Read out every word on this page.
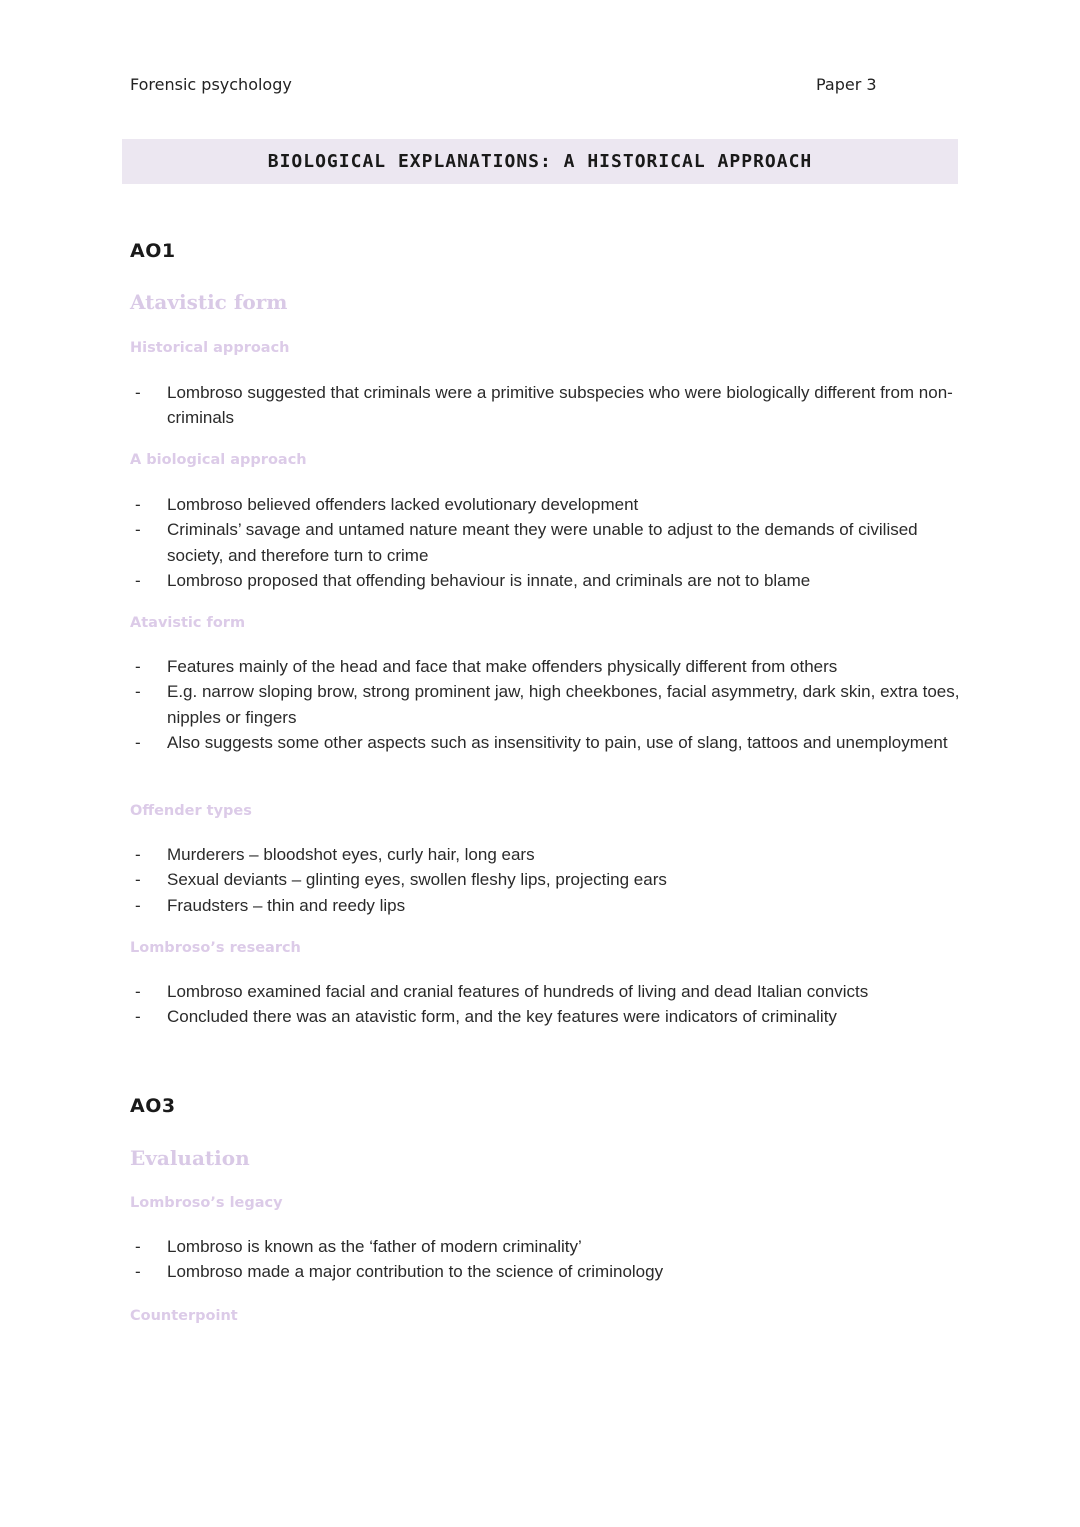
Forensic psychology	Paper 3
BIOLOGICAL EXPLANATIONS: A HISTORICAL APPROACH
AO1
Atavistic form
Historical approach
- Lombroso suggested that criminals were a primitive subspecies who were biologically different from non-criminals
A biological approach
- Lombroso believed offenders lacked evolutionary development
- Criminals’ savage and untamed nature meant they were unable to adjust to the demands of civilised society, and therefore turn to crime
- Lombroso proposed that offending behaviour is innate, and criminals are not to blame
Atavistic form
- Features mainly of the head and face that make offenders physically different from others
- E.g. narrow sloping brow, strong prominent jaw, high cheekbones, facial asymmetry, dark skin, extra toes, nipples or fingers
- Also suggests some other aspects such as insensitivity to pain, use of slang, tattoos and unemployment
Offender types
- Murderers – bloodshot eyes, curly hair, long ears
- Sexual deviants – glinting eyes, swollen fleshy lips, projecting ears
- Fraudsters – thin and reedy lips
Lombroso’s research
- Lombroso examined facial and cranial features of hundreds of living and dead Italian convicts
- Concluded there was an atavistic form, and the key features were indicators of criminality
AO3
Evaluation
Lombroso’s legacy
- Lombroso is known as the ‘father of modern criminality’
- Lombroso made a major contribution to the science of criminology
Counterpoint
